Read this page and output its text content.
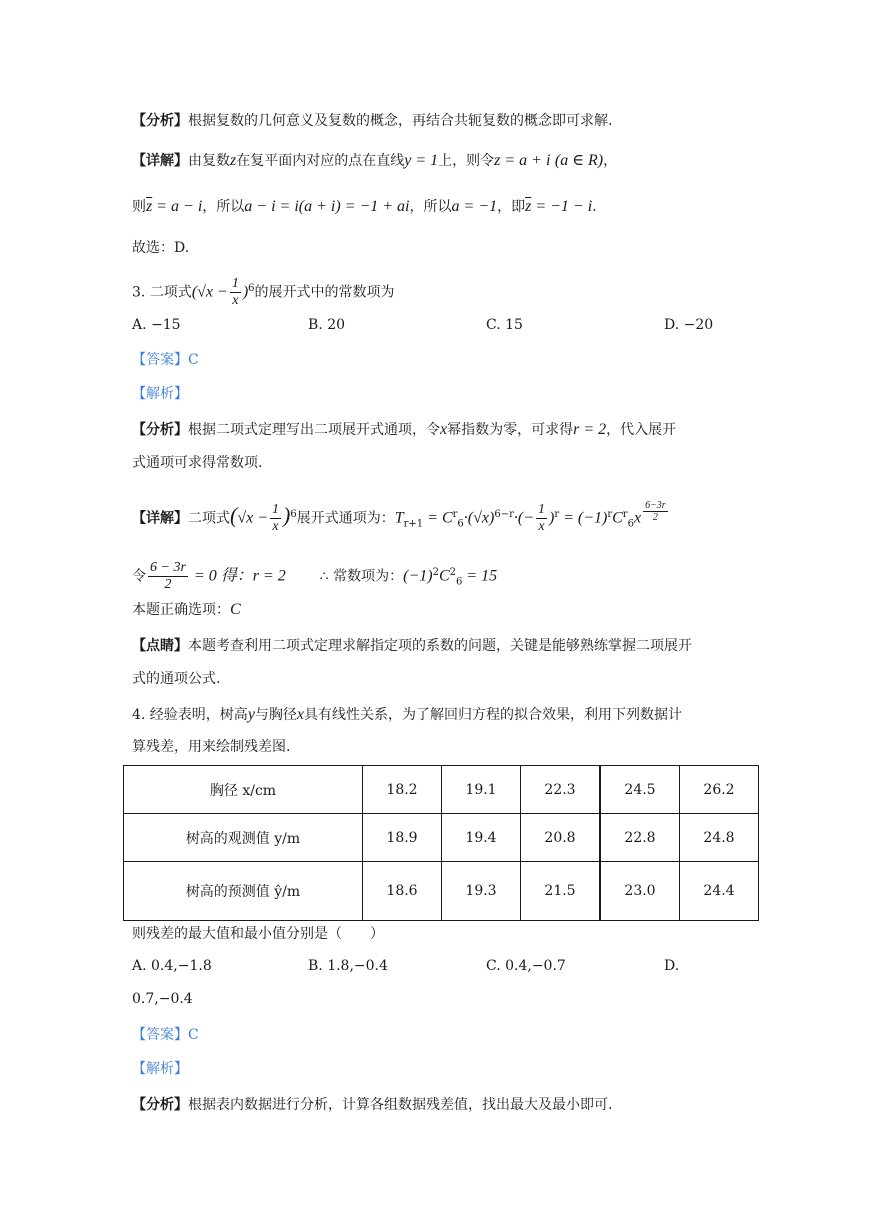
【分析】根据复数的几何意义及复数的概念，再结合共轭复数的概念即可求解.
【详解】由复数z在复平面内对应的点在直线y = 1上，则令z = a + i (a ∈ R)，
则$\overline{z} = a - i$，所以a − i = i(a + i) = −1 + ai，所以a = −1，即$\overline{z} = -1 - i$.
故选：D.
3. 二项式$(√x - \frac{1}{x} )^6$的展开式中的常数项为
A. −15	B. 20	C. 15	D. −20
【答案】C
【解析】
【分析】根据二项式定理写出二项展开式通项，令x幂指数为零，可求得r = 2，代入展开
式通项可求得常数项.
【详解】二项式$(√x - \frac{1}{x} )^6$展开式通项为：$T_{r+1} = C^r_6\cdot(√x)^{6-r}\cdot(- \frac{1}{x} )^r = (-1)^rC^r_6x \frac{6-3r}{2}$
令 $\frac{6 - 3r}{2} = 0$ 得：r = 2 ∴ 常数项为：$(-1)^2C^2_6 = 15$
本题正确选项：C
【点睛】本题考查利用二项式定理求解指定项的系数的问题，关键是能够熟练掌握二项展开
式的通项公式.
4. 经验表明，树高y与胸径x具有线性关系，为了解回归方程的拟合效果，利用下列数据计
算残差，用来绘制残差图.
胸径 x/cm	18.2	19.1	22.3	24.5	26.2
树高的观测值 y/m	18.9	19.4	20.8	22.8	24.8
树高的预测值 ŷ/m	18.6	19.3	21.5	23.0	24.4
则残差的最大值和最小值分别是（　　）
A. 0.4,−1.8	B. 1.8,−0.4	C. 0.4,−0.7	D.
0.7,−0.4
【答案】C
【解析】
【分析】根据表内数据进行分析，计算各组数据残差值，找出最大及最小即可.
